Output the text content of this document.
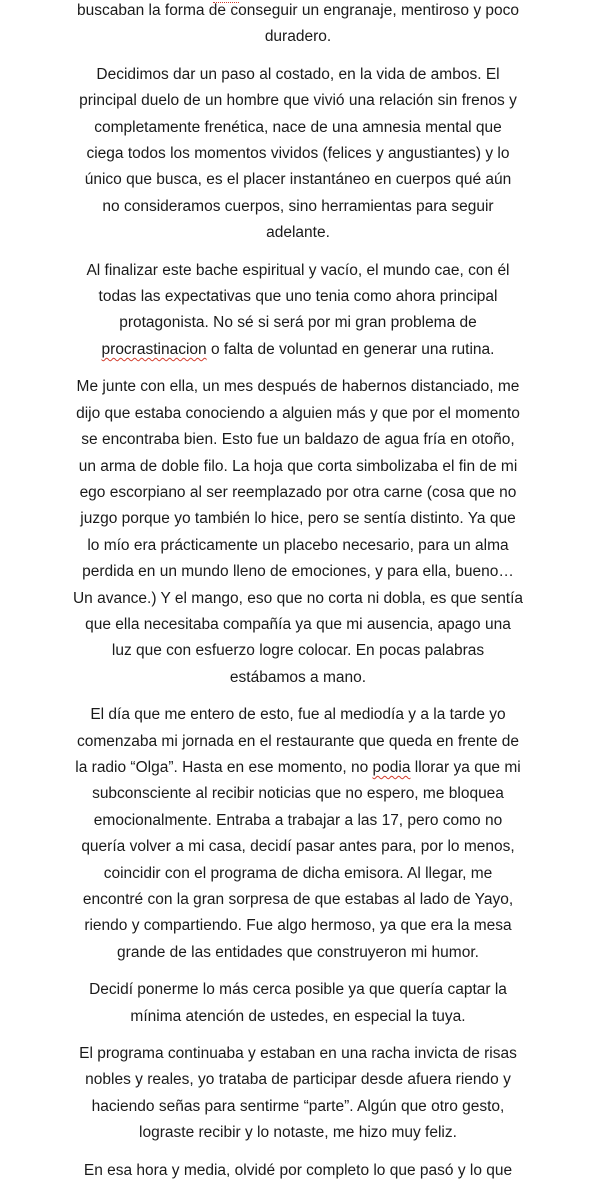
buscaban la forma de conseguir un engranaje, mentiroso y poco
duradero.

Decidimos dar un paso al costado, en la vida de ambos. El
principal duelo de un hombre que vivió una relación sin frenos y
completamente frenética, nace de una amnesia mental que
ciega todos los momentos vividos (felices y angustiantes) y lo
único que busca, es el placer instantáneo en cuerpos qué aún
no consideramos cuerpos, sino herramientas para seguir
adelante.

Al finalizar este bache espiritual y vacío, el mundo cae, con él
todas las expectativas que uno tenia como ahora principal
protagonista. No sé si será por mi gran problema de
procrastinacion o falta de voluntad en generar una rutina.

Me junte con ella, un mes después de habernos distanciado, me
dijo que estaba conociendo a alguien más y que por el momento
se encontraba bien. Esto fue un baldazo de agua fría en otoño,
un arma de doble filo. La hoja que corta simbolizaba el fin de mi
ego escorpiano al ser reemplazado por otra carne (cosa que no
juzgo porque yo también lo hice, pero se sentía distinto. Ya que
lo mío era prácticamente un placebo necesario, para un alma
perdida en un mundo lleno de emociones, y para ella, bueno…
Un avance.) Y el mango, eso que no corta ni dobla, es que sentía
que ella necesitaba compañía ya que mi ausencia, apago una
luz que con esfuerzo logre colocar. En pocas palabras
estábamos a mano.

El día que me entero de esto, fue al mediodía y a la tarde yo
comenzaba mi jornada en el restaurante que queda en frente de
la radio “Olga”. Hasta en ese momento, no podia llorar ya que mi
subconsciente al recibir noticias que no espero, me bloquea
emocionalmente. Entraba a trabajar a las 17, pero como no
quería volver a mi casa, decidí pasar antes para, por lo menos,
coincidir con el programa de dicha emisora. Al llegar, me
encontré con la gran sorpresa de que estabas al lado de Yayo,
riendo y compartiendo. Fue algo hermoso, ya que era la mesa
grande de las entidades que construyeron mi humor.

Decidí ponerme lo más cerca posible ya que quería captar la
mínima atención de ustedes, en especial la tuya.

El programa continuaba y estaban en una racha invicta de risas
nobles y reales, yo trataba de participar desde afuera riendo y
haciendo señas para sentirme “parte”. Algún que otro gesto,
lograste recibir y lo notaste, me hizo muy feliz.

En esa hora y media, olvidé por completo lo que pasó y lo que
